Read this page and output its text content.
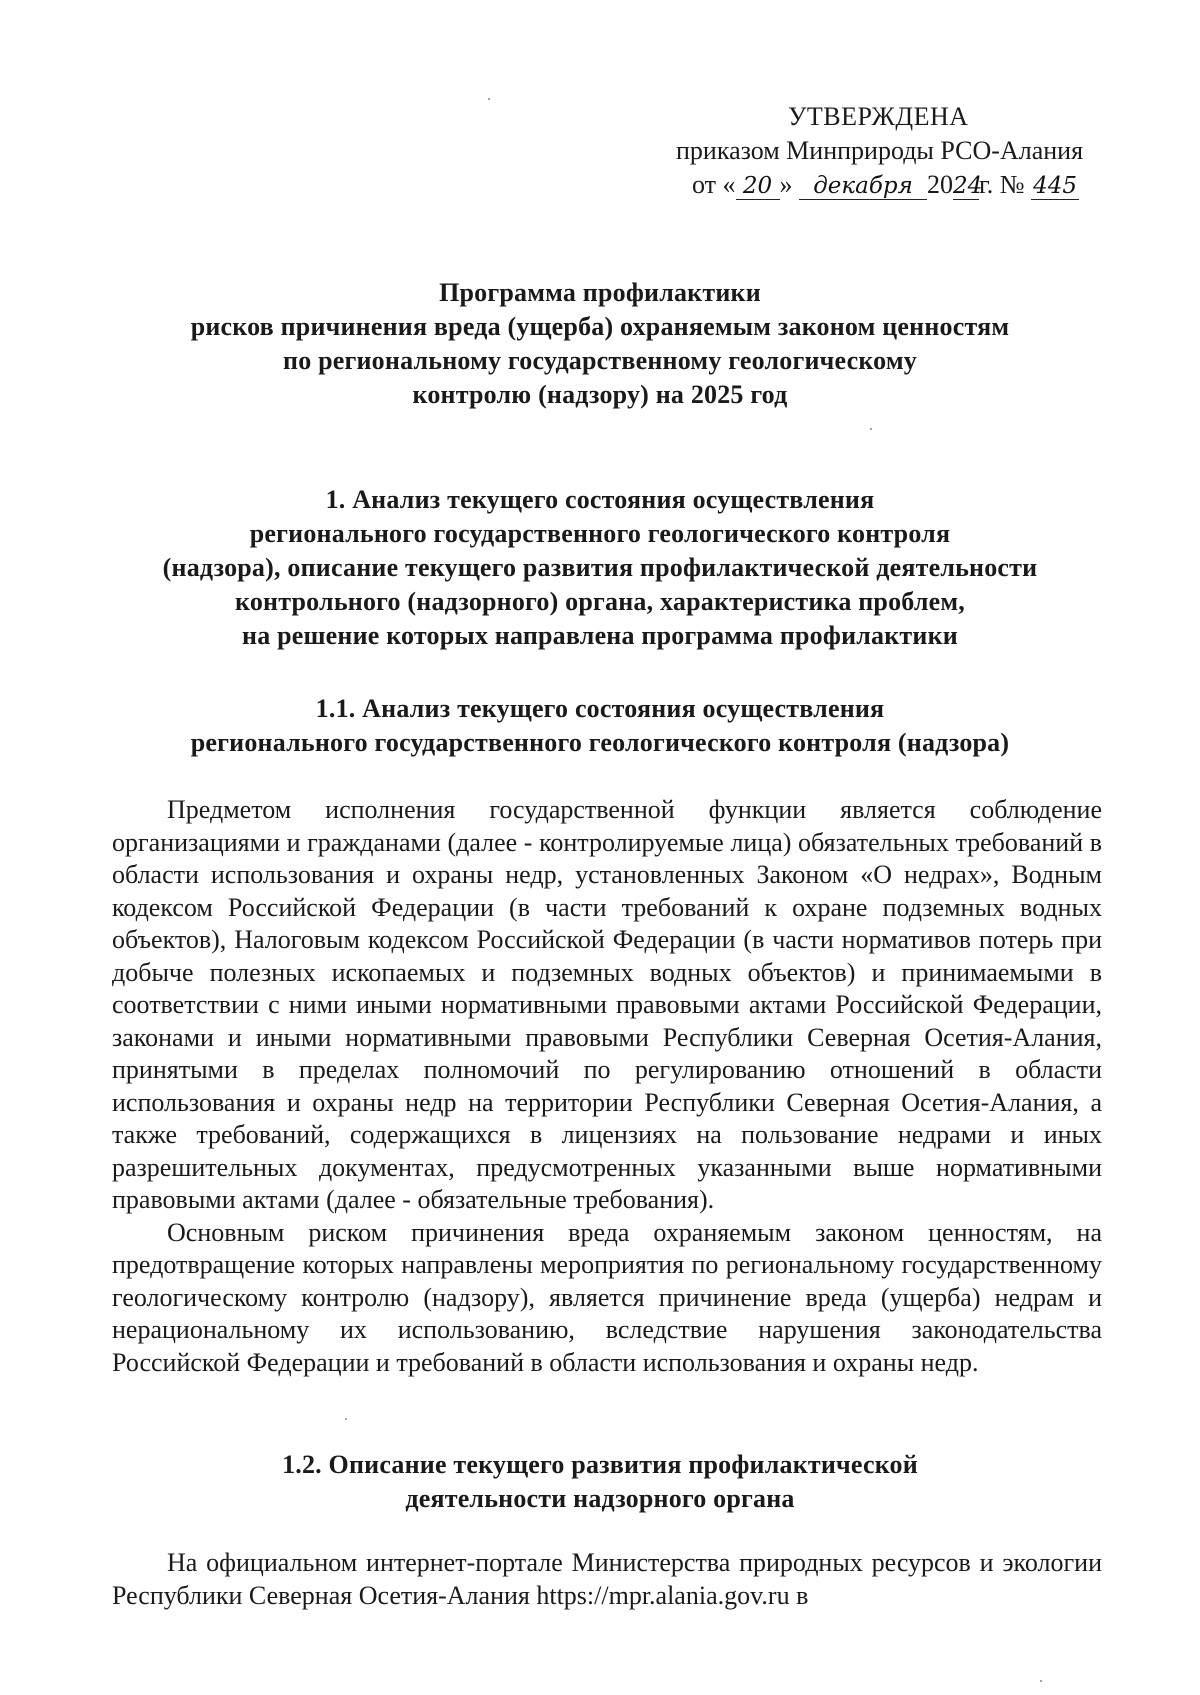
УТВЕРЖДЕНА
приказом Минприроды РСО-Алания
от « 20 » декабря 2024г. № 445
Программа профилактики
рисков причинения вреда (ущерба) охраняемым законом ценностям
по региональному государственному геологическому
контролю (надзору) на 2025 год
1. Анализ текущего состояния осуществления
регионального государственного геологического контроля
(надзора), описание текущего развития профилактической деятельности
контрольного (надзорного) органа, характеристика проблем,
на решение которых направлена программа профилактики
1.1. Анализ текущего состояния осуществления
регионального государственного геологического контроля (надзора)

Предметом исполнения государственной функции является соблюдение организациями и гражданами (далее - контролируемые лица) обязательных требований в области использования и охраны недр, установленных Законом «О недрах», Водным кодексом Российской Федерации (в части требований к охране подземных водных объектов), Налоговым кодексом Российской Федерации (в части нормативов потерь при добыче полезных ископаемых и подземных водных объектов) и принимаемыми в соответствии с ними иными нормативными правовыми актами Российской Федерации, законами и иными нормативными правовыми Республики Северная Осетия-Алания, принятыми в пределах полномочий по регулированию отношений в области использования и охраны недр на территории Республики Северная Осетия-Алания, а также требований, содержащихся в лицензиях на пользование недрами и иных разрешительных документах, предусмотренных указанными выше нормативными правовыми актами (далее - обязательные требования).

Основным риском причинения вреда охраняемым законом ценностям, на предотвращение которых направлены мероприятия по региональному государственному геологическому контролю (надзору), является причинение вреда (ущерба) недрам и нерациональному их использованию, вследствие нарушения законодательства Российской Федерации и требований в области использования и охраны недр.

1.2. Описание текущего развития профилактической
деятельности надзорного органа

На официальном интернет-портале Министерства природных ресурсов и экологии Республики Северная Осетия-Алания https://mpr.alania.gov.ru в
